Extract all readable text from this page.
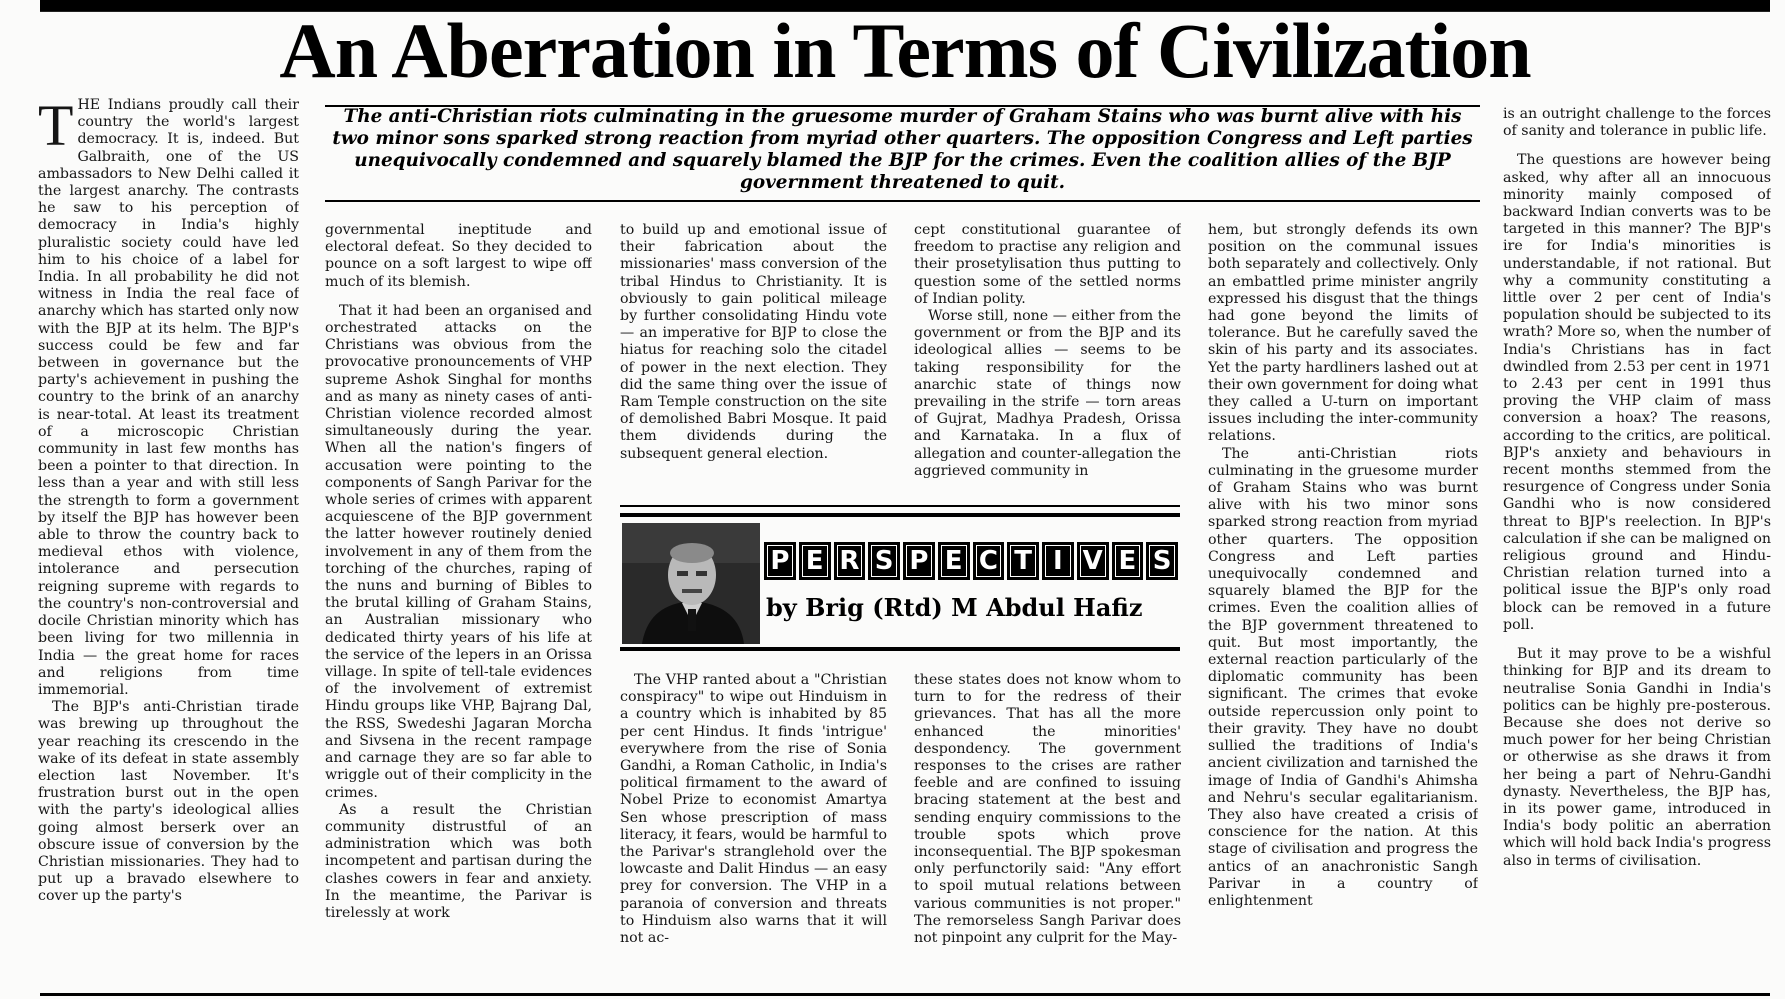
An Aberration in Terms of Civilization
The anti-Christian riots culminating in the gruesome murder of Graham Stains who was burnt alive with his two minor sons sparked strong reaction from myriad other quarters. The opposition Congress and Left parties unequivocally condemned and squarely blamed the BJP for the crimes. Even the coalition allies of the BJP government threatened to quit.

THE Indians proudly call their country the world's largest democracy. It is, indeed. But Galbraith, one of the US ambassadors to New Delhi called it the largest anarchy. The contrasts he saw to his perception of democracy in India's highly pluralistic society could have led him to his choice of a label for India. In all probability he did not witness in India the real face of anarchy which has started only now with the BJP at its helm. The BJP's success could be few and far between in governance but the party's achievement in pushing the country to the brink of an anarchy is near-total. At least its treatment of a microscopic Christian community in last few months has been a pointer to that direction. In less than a year and with still less the strength to form a government by itself the BJP has however been able to throw the country back to medieval ethos with violence, intolerance and persecution reigning supreme with regards to the country's non-controversial and docile Christian minority which has been living for two millennia in India — the great home for races and religions from time immemorial.

The BJP's anti-Christian tirade was brewing up throughout the year reaching its crescendo in the wake of its defeat in state assembly election last November. It's frustration burst out in the open with the party's ideological allies going almost berserk over an obscure issue of conversion by the Christian missionaries. They had to put up a bravado elsewhere to cover up the party's

governmental ineptitude and electoral defeat. So they decided to pounce on a soft largest to wipe off much of its blemish.

That it had been an organised and orchestrated attacks on the Christians was obvious from the provocative pronouncements of VHP supreme Ashok Singhal for months and as many as ninety cases of anti-Christian violence recorded almost simultaneously during the year. When all the nation's fingers of accusation were pointing to the components of Sangh Parivar for the whole series of crimes with apparent acquiescene of the BJP government the latter however routinely denied involvement in any of them from the torching of the churches, raping of the nuns and burning of Bibles to the brutal killing of Graham Stains, an Australian missionary who dedicated thirty years of his life at the service of the lepers in an Orissa village. In spite of tell-tale evidences of the involvement of extremist Hindu groups like VHP, Bajrang Dal, the RSS, Swedeshi Jagaran Morcha and Sivsena in the recent rampage and carnage they are so far able to wriggle out of their complicity in the crimes.

As a result the Christian community distrustful of an administration which was both incompetent and partisan during the clashes cowers in fear and anxiety. In the meantime, the Parivar is tirelessly at work

to build up and emotional issue of their fabrication about the missionaries' mass conversion of the tribal Hindus to Christianity. It is obviously to gain political mileage by further consolidating Hindu vote — an imperative for BJP to close the hiatus for reaching solo the citadel of power in the next election. They did the same thing over the issue of Ram Temple construction on the site of demolished Babri Mosque. It paid them dividends during the subsequent general election.

cept constitutional guarantee of freedom to practise any religion and their prosetylisation thus putting to question some of the settled norms of Indian polity.

Worse still, none — either from the government or from the BJP and its ideological allies — seems to be taking responsibility for the anarchic state of things now prevailing in the strife — torn areas of Gujrat, Madhya Pradesh, Orissa and Karnataka. In a flux of allegation and counter-allegation the aggrieved community in

P E R S P E C T I V E S
by Brig (Rtd) M Abdul Hafiz

The VHP ranted about a "Christian conspiracy" to wipe out Hinduism in a country which is inhabited by 85 per cent Hindus. It finds 'intrigue' everywhere from the rise of Sonia Gandhi, a Roman Catholic, in India's political firmament to the award of Nobel Prize to economist Amartya Sen whose prescription of mass literacy, it fears, would be harmful to the Parivar's stranglehold over the lowcaste and Dalit Hindus — an easy prey for conversion. The VHP in a paranoia of conversion and threats to Hinduism also warns that it will not ac-

these states does not know whom to turn to for the redress of their grievances. That has all the more enhanced the minorities' despondency. The government responses to the crises are rather feeble and are confined to issuing bracing statement at the best and sending enquiry commissions to the trouble spots which prove inconsequential. The BJP spokesman only perfunctorily said: "Any effort to spoil mutual relations between various communities is not proper." The remorseless Sangh Parivar does not pinpoint any culprit for the May-

hem, but strongly defends its own position on the communal issues both separately and collectively. Only an embattled prime minister angrily expressed his disgust that the things had gone beyond the limits of tolerance. But he carefully saved the skin of his party and its associates. Yet the party hardliners lashed out at their own government for doing what they called a U-turn on important issues including the inter-community relations.

The anti-Christian riots culminating in the gruesome murder of Graham Stains who was burnt alive with his two minor sons sparked strong reaction from myriad other quarters. The opposition Congress and Left parties unequivocally condemned and squarely blamed the BJP for the crimes. Even the coalition allies of the BJP government threatened to quit. But most importantly, the external reaction particularly of the diplomatic community has been significant. The crimes that evoke outside repercussion only point to their gravity. They have no doubt sullied the traditions of India's ancient civilization and tarnished the image of India of Gandhi's Ahimsha and Nehru's secular egalitarianism. They also have created a crisis of conscience for the nation. At this stage of civilisation and progress the antics of an anachronistic Sangh Parivar in a country of enlightenment

is an outright challenge to the forces of sanity and tolerance in public life.

The questions are however being asked, why after all an innocuous minority mainly composed of backward Indian converts was to be targeted in this manner? The BJP's ire for India's minorities is understandable, if not rational. But why a community constituting a little over 2 per cent of India's population should be subjected to its wrath? More so, when the number of India's Christians has in fact dwindled from 2.53 per cent in 1971 to 2.43 per cent in 1991 thus proving the VHP claim of mass conversion a hoax? The reasons, according to the critics, are political. BJP's anxiety and behaviours in recent months stemmed from the resurgence of Congress under Sonia Gandhi who is now considered threat to BJP's reelection. In BJP's calculation if she can be maligned on religious ground and Hindu-Christian relation turned into a political issue the BJP's only road block can be removed in a future poll.

But it may prove to be a wishful thinking for BJP and its dream to neutralise Sonia Gandhi in India's politics can be highly pre-posterous. Because she does not derive so much power for her being Christian or otherwise as she draws it from her being a part of Nehru-Gandhi dynasty. Nevertheless, the BJP has, in its power game, introduced in India's body politic an aberration which will hold back India's progress also in terms of civilisation.
